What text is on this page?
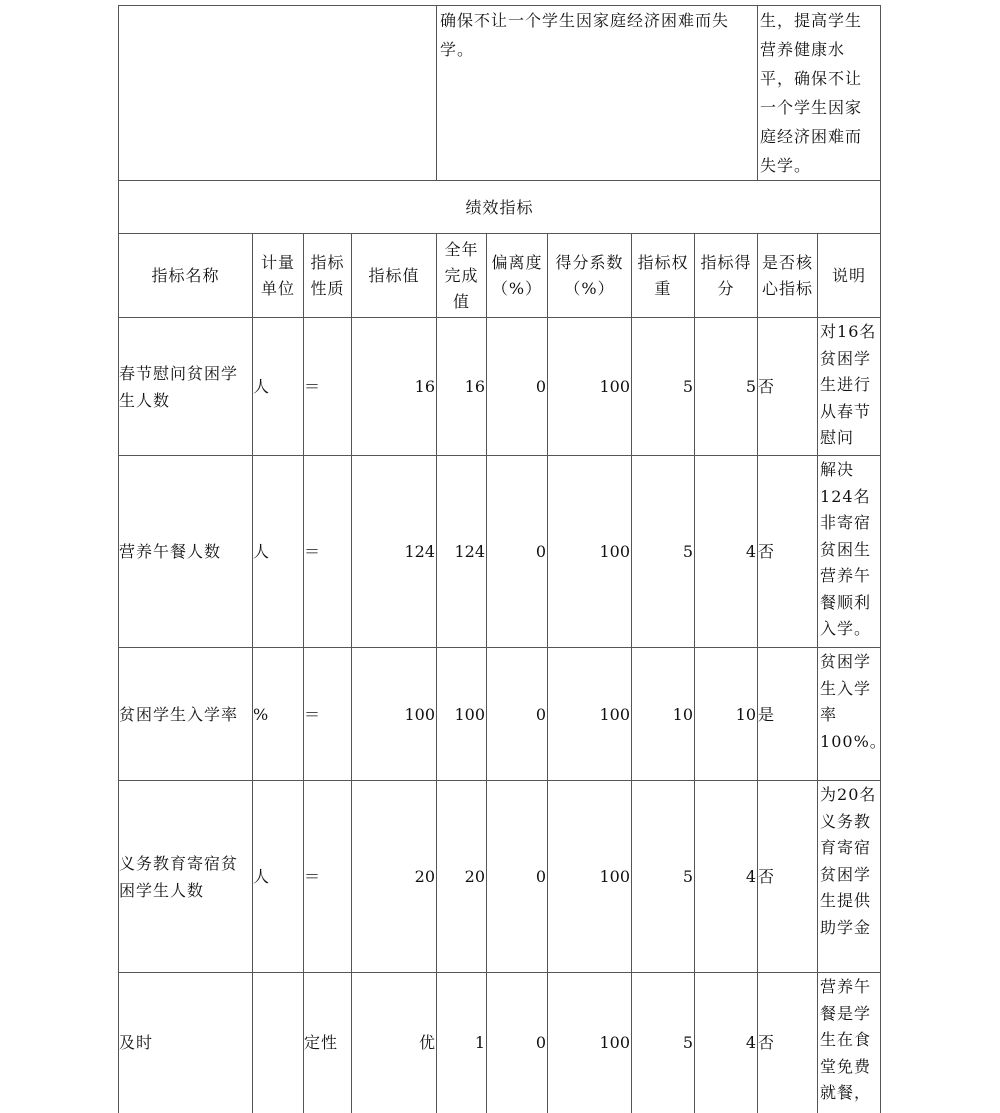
				确保不让一个学生因家庭经济困难而失学。					生，提高学生营养健康水平，确保不让一个学生因家庭经济困难而失学。	
绩效指标										
指标名称	计量单位	指标性质	指标值	全年完成值	偏离度（%）	得分系数（%）	指标权重	指标得分	是否核心指标	说明
春节慰问贫困学生人数	人	＝	16	16	0	100	5	5	否	对16名贫困学生进行从春节慰问
营养午餐人数	人	＝	124	124	0	100	5	4	否	解决124名非寄宿贫困生营养午餐顺利入学。
贫困学生入学率	%	＝	100	100	0	100	10	10	是	贫困学生入学率100%。
义务教育寄宿贫困学生人数	人	＝	20	20	0	100	5	4	否	为20名义务教育寄宿贫困学生提供助学金
及时		定性	优	1	0	100	5	4	否	营养午餐是学生在食堂免费就餐，
